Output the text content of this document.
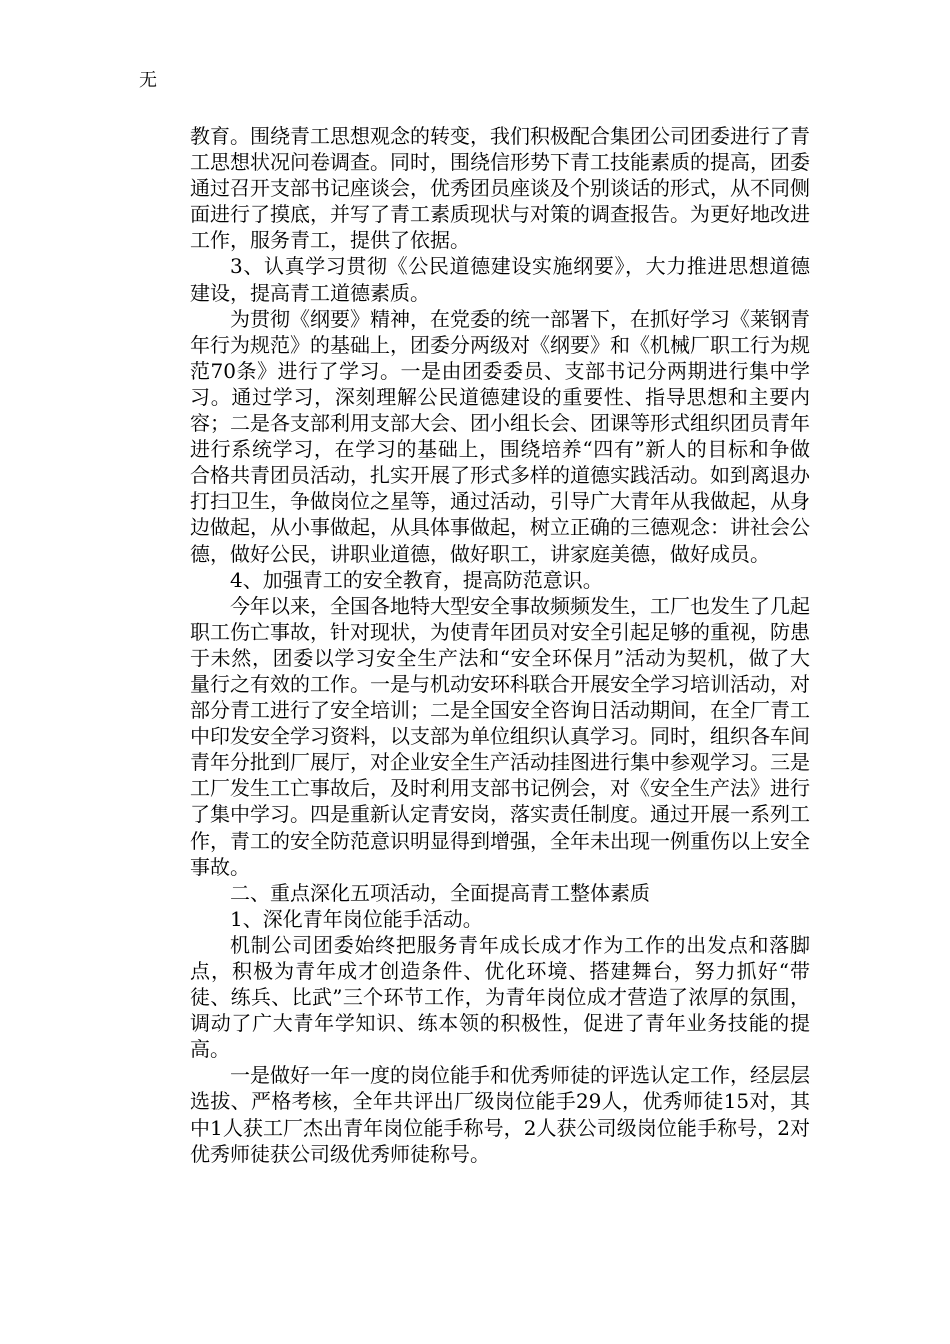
无

教育。围绕青工思想观念的转变，我们积极配合集团公司团委进行了青工思想状况问卷调查。同时，围绕信形势下青工技能素质的提高，团委通过召开支部书记座谈会，优秀团员座谈及个别谈话的形式，从不同侧面进行了摸底，并写了青工素质现状与对策的调查报告。为更好地改进工作，服务青工，提供了依据。

3、认真学习贯彻《公民道德建设实施纲要》，大力推进思想道德建设，提高青工道德素质。

为贯彻《纲要》精神，在党委的统一部署下，在抓好学习《莱钢青年行为规范》的基础上，团委分两级对《纲要》和《机械厂职工行为规范70条》进行了学习。一是由团委委员、支部书记分两期进行集中学习。通过学习，深刻理解公民道德建设的重要性、指导思想和主要内容；二是各支部利用支部大会、团小组长会、团课等形式组织团员青年进行系统学习，在学习的基础上，围绕培养“四有”新人的目标和争做合格共青团员活动，扎实开展了形式多样的道德实践活动。如到离退办打扫卫生，争做岗位之星等，通过活动，引导广大青年从我做起，从身边做起，从小事做起，从具体事做起，树立正确的三德观念：讲社会公德，做好公民，讲职业道德，做好职工，讲家庭美德，做好成员。

4、加强青工的安全教育，提高防范意识。

今年以来，全国各地特大型安全事故频频发生，工厂也发生了几起职工伤亡事故，针对现状，为使青年团员对安全引起足够的重视，防患于未然，团委以学习安全生产法和“安全环保月”活动为契机，做了大量行之有效的工作。一是与机动安环科联合开展安全学习培训活动，对部分青工进行了安全培训；二是全国安全咨询日活动期间，在全厂青工中印发安全学习资料，以支部为单位组织认真学习。同时，组织各车间青年分批到厂展厅，对企业安全生产活动挂图进行集中参观学习。三是工厂发生工亡事故后，及时利用支部书记例会，对《安全生产法》进行了集中学习。四是重新认定青安岗，落实责任制度。通过开展一系列工作，青工的安全防范意识明显得到增强，全年未出现一例重伤以上安全事故。

二、重点深化五项活动，全面提高青工整体素质

1、深化青年岗位能手活动。

机制公司团委始终把服务青年成长成才作为工作的出发点和落脚点，积极为青年成才创造条件、优化环境、搭建舞台，努力抓好“带徒、练兵、比武”三个环节工作，为青年岗位成才营造了浓厚的氛围，调动了广大青年学知识、练本领的积极性，促进了青年业务技能的提高。

一是做好一年一度的岗位能手和优秀师徒的评选认定工作，经层层选拔、严格考核，全年共评出厂级岗位能手29人，优秀师徒15对，其中1人获工厂杰出青年岗位能手称号，2人获公司级岗位能手称号，2对优秀师徒获公司级优秀师徒称号。
